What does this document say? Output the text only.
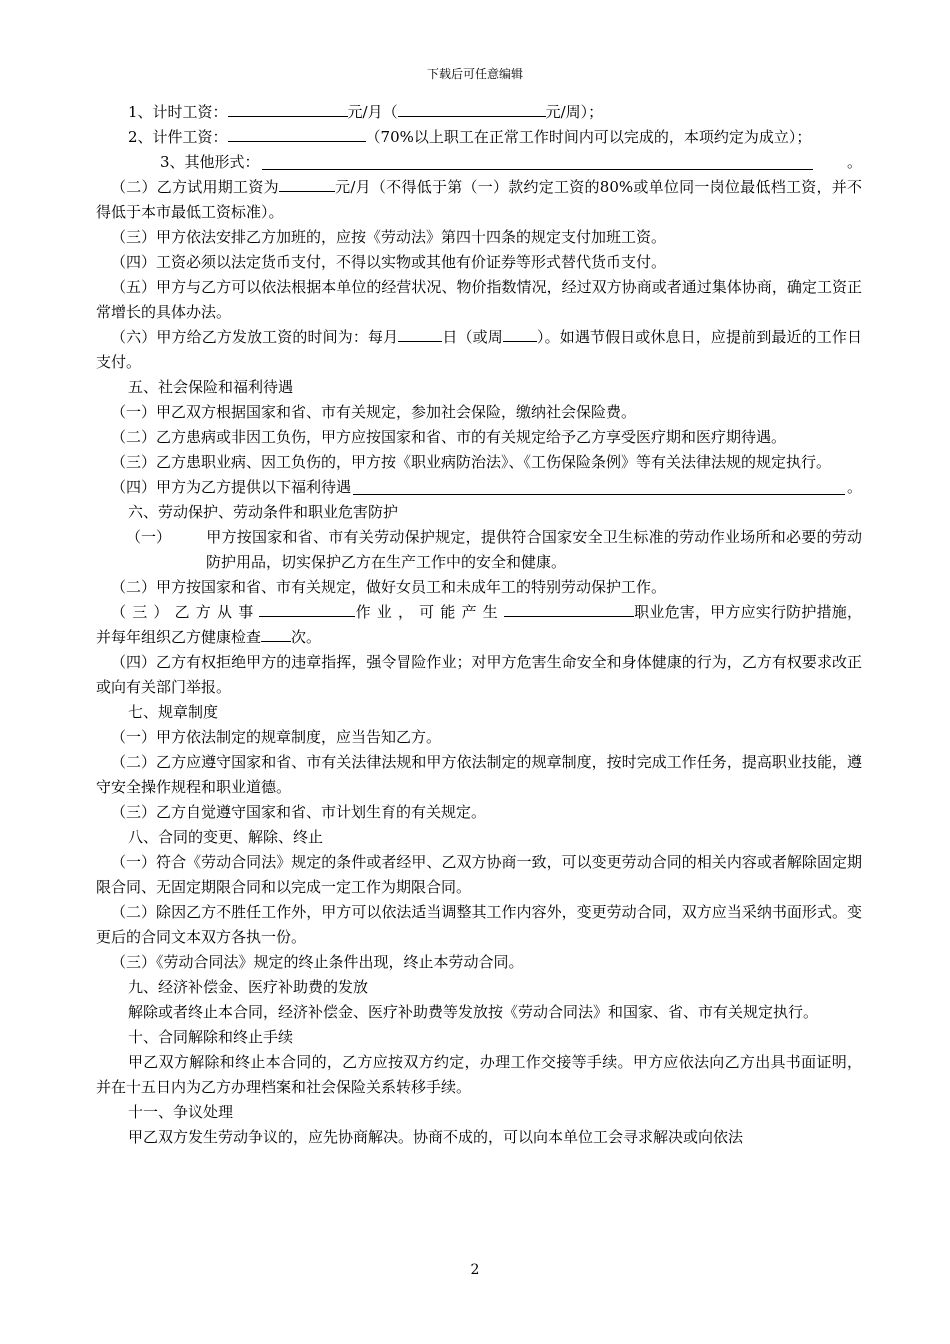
下载后可任意编辑
1、计时工资：	元/月（	元/周）；
2、计件工资：	（70%以上职工在正常工作时间内可以完成的，本项约定为成立）；
3、其他形式：	。
（二）乙方试用期工资为	元/月（不得低于第（一）款约定工资的80%或单位同一岗位最低档工资，并不得低于本市最低工资标准）。
（三）甲方依法安排乙方加班的，应按《劳动法》第四十四条的规定支付加班工资。
（四）工资必须以法定货币支付，不得以实物或其他有价证券等形式替代货币支付。
（五）甲方与乙方可以依法根据本单位的经营状况、物价指数情况，经过双方协商或者通过集体协商，确定工资正常增长的具体办法。
（六）甲方给乙方发放工资的时间为：每月	日（或周 ）。如遇节假日或休息日，应提前到最近的工作日支付。
五、社会保险和福利待遇
（一）甲乙双方根据国家和省、市有关规定，参加社会保险，缴纳社会保险费。
（二）乙方患病或非因工负伤，甲方应按国家和省、市的有关规定给予乙方享受医疗期和医疗期待遇。
（三）乙方患职业病、因工负伤的，甲方按《职业病防治法》、《工伤保险条例》等有关法律法规的规定执行。
（四）甲方为乙方提供以下福利待遇	。
六、劳动保护、劳动条件和职业危害防护
（一） 甲方按国家和省、市有关劳动保护规定，提供符合国家安全卫生标准的劳动作业场所和必要的劳动防护用品，切实保护乙方在生产工作中的安全和健康。
（二）甲方按国家和省、市有关规定，做好女员工和未成年工的特别劳动保护工作。
（三）乙方从事	作业，可能产生	职业危害，甲方应实行防护措施，并每年组织乙方健康检查 次。
（四）乙方有权拒绝甲方的违章指挥，强令冒险作业；对甲方危害生命安全和身体健康的行为，乙方有权要求改正或向有关部门举报。
七、规章制度
（一）甲方依法制定的规章制度，应当告知乙方。
（二）乙方应遵守国家和省、市有关法律法规和甲方依法制定的规章制度，按时完成工作任务，提高职业技能，遵守安全操作规程和职业道德。
（三）乙方自觉遵守国家和省、市计划生育的有关规定。
八、合同的变更、解除、终止
（一）符合《劳动合同法》规定的条件或者经甲、乙双方协商一致，可以变更劳动合同的相关内容或者解除固定期限合同、无固定期限合同和以完成一定工作为期限合同。
（二）除因乙方不胜任工作外，甲方可以依法适当调整其工作内容外，变更劳动合同，双方应当采纳书面形式。变更后的合同文本双方各执一份。
（三）《劳动合同法》规定的终止条件出现，终止本劳动合同。
九、经济补偿金、医疗补助费的发放
解除或者终止本合同，经济补偿金、医疗补助费等发放按《劳动合同法》和国家、省、市有关规定执行。
十、合同解除和终止手续
甲乙双方解除和终止本合同的，乙方应按双方约定，办理工作交接等手续。甲方应依法向乙方出具书面证明，并在十五日内为乙方办理档案和社会保险关系转移手续。
十一、争议处理
甲乙双方发生劳动争议的，应先协商解决。协商不成的，可以向本单位工会寻求解决或向依法
2
